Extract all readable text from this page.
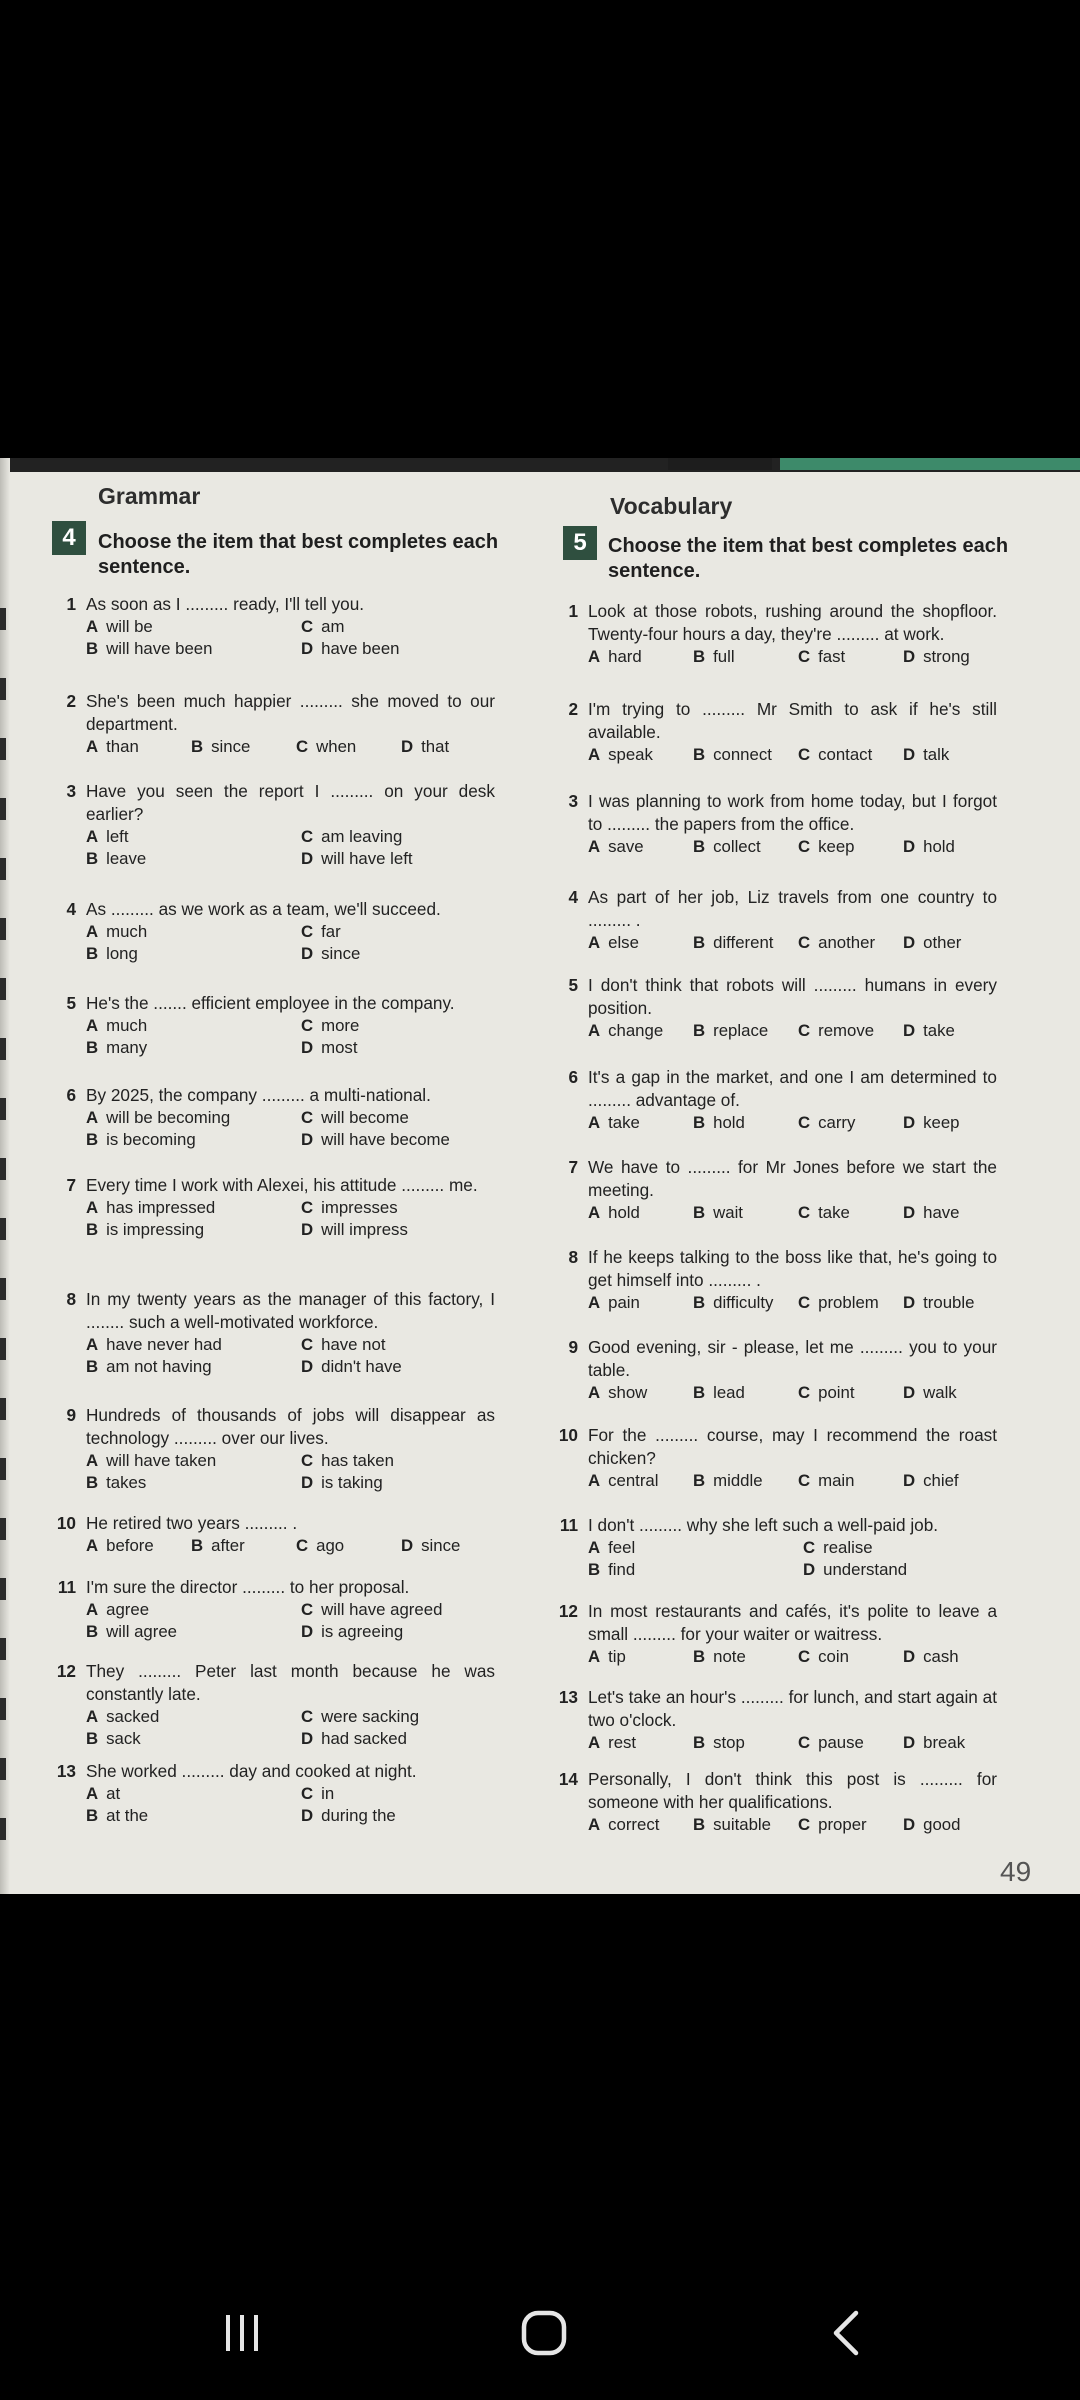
Grammar	Vocabulary
4	Choose the item that best completes each sentence.
5	Choose the item that best completes each sentence.
1 As soon as I ......... ready, I'll tell you.
A will be	C am
B will have been	D have been
2 She's been much happier ......... she moved to our department.
A than	B since	C when	D that
3 Have you seen the report I ......... on your desk earlier?
A left	C am leaving
B leave	D will have left
4 As ......... as we work as a team, we'll succeed.
A much	C far
B long	D since
5 He's the ....... efficient employee in the company.
A much	C more
B many	D most
6 By 2025, the company ......... a multi-national.
A will be becoming	C will become
B is becoming	D will have become
7 Every time I work with Alexei, his attitude ......... me.
A has impressed	C impresses
B is impressing	D will impress
8 In my twenty years as the manager of this factory, I ........ such a well-motivated workforce.
A have never had	C have not
B am not having	D didn't have
9 Hundreds of thousands of jobs will disappear as technology ......... over our lives.
A will have taken	C has taken
B takes	D is taking
10 He retired two years ......... .
A before	B after	C ago	D since
11 I'm sure the director ......... to her proposal.
A agree	C will have agreed
B will agree	D is agreeing
12 They ......... Peter last month because he was constantly late.
A sacked	C were sacking
B sack	D had sacked
13 She worked ......... day and cooked at night.
A at	C in
B at the	D during the
1 Look at those robots, rushing around the shopfloor. Twenty-four hours a day, they're ......... at work.
A hard	B full	C fast	D strong
2 I'm trying to ......... Mr Smith to ask if he's still available.
A speak	B connect	C contact	D talk
3 I was planning to work from home today, but I forgot to ......... the papers from the office.
A save	B collect	C keep	D hold
4 As part of her job, Liz travels from one country to ......... .
A else	B different	C another	D other
5 I don't think that robots will ......... humans in every position.
A change	B replace	C remove	D take
6 It's a gap in the market, and one I am determined to ......... advantage of.
A take	B hold	C carry	D keep
7 We have to ......... for Mr Jones before we start the meeting.
A hold	B wait	C take	D have
8 If he keeps talking to the boss like that, he's going to get himself into ......... .
A pain	B difficulty	C problem	D trouble
9 Good evening, sir - please, let me ......... you to your table.
A show	B lead	C point	D walk
10 For the ......... course, may I recommend the roast chicken?
A central	B middle	C main	D chief
11 I don't ......... why she left such a well-paid job.
A feel	C realise
B find	D understand
12 In most restaurants and cafés, it's polite to leave a small ......... for your waiter or waitress.
A tip	B note	C coin	D cash
13 Let's take an hour's ......... for lunch, and start again at two o'clock.
A rest	B stop	C pause	D break
14 Personally, I don't think this post is ......... for someone with her qualifications.
A correct	B suitable	C proper	D good
49
